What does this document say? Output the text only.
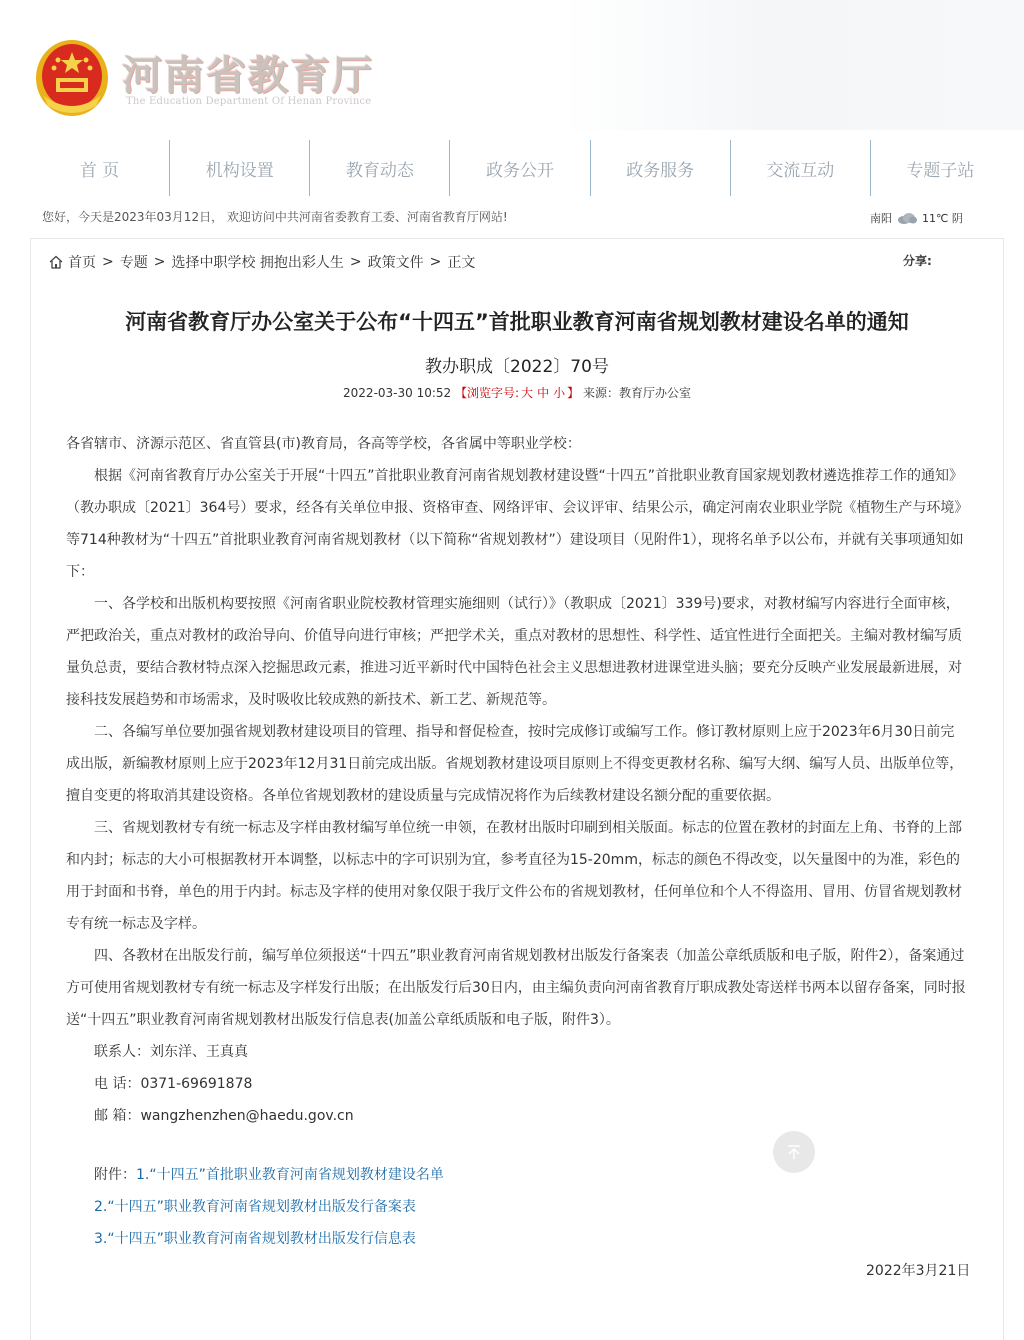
河南省教育厅
The Education Department Of Henan Province
首 页	机构设置	教育动态	政务公开	政务服务	交流互动	专题子站
您好，今天是2023年03月12日， 欢迎访问中共河南省委教育工委、河南省教育厅网站!	南阳	11℃ 阴
首页 > 专题 > 选择中职学校 拥抱出彩人生 > 政策文件 > 正文	分享:
河南省教育厅办公室关于公布“十四五”首批职业教育河南省规划教材建设名单的通知
教办职成〔2022〕70号
2022-03-30 10:52 【浏览字号: 大 中 小 】 来源：教育厅办公室

各省辖市、济源示范区、省直管县(市)教育局，各高等学校，各省属中等职业学校：

根据《河南省教育厅办公室关于开展“十四五”首批职业教育河南省规划教材建设暨“十四五”首批职业教育国家规划教材遴选推荐工作的通知》（教办职成〔2021〕364号）要求，经各有关单位申报、资格审查、网络评审、会议评审、结果公示，确定河南农业职业学院《植物生产与环境》等714种教材为“十四五”首批职业教育河南省规划教材（以下简称“省规划教材”）建设项目（见附件1），现将名单予以公布，并就有关事项通知如下：

一、各学校和出版机构要按照《河南省职业院校教材管理实施细则（试行）》（教职成〔2021〕339号)要求，对教材编写内容进行全面审核，严把政治关，重点对教材的政治导向、价值导向进行审核；严把学术关，重点对教材的思想性、科学性、适宜性进行全面把关。主编对教材编写质量负总责，要结合教材特点深入挖掘思政元素，推进习近平新时代中国特色社会主义思想进教材进课堂进头脑；要充分反映产业发展最新进展，对接科技发展趋势和市场需求，及时吸收比较成熟的新技术、新工艺、新规范等。

二、各编写单位要加强省规划教材建设项目的管理、指导和督促检查，按时完成修订或编写工作。修订教材原则上应于2023年6月30日前完成出版，新编教材原则上应于2023年12月31日前完成出版。省规划教材建设项目原则上不得变更教材名称、编写大纲、编写人员、出版单位等，擅自变更的将取消其建设资格。各单位省规划教材的建设质量与完成情况将作为后续教材建设名额分配的重要依据。

三、省规划教材专有统一标志及字样由教材编写单位统一申领，在教材出版时印刷到相关版面。标志的位置在教材的封面左上角、书脊的上部和内封；标志的大小可根据教材开本调整，以标志中的字可识别为宜，参考直径为15-20mm，标志的颜色不得改变，以矢量图中的为准，彩色的用于封面和书脊，单色的用于内封。标志及字样的使用对象仅限于我厅文件公布的省规划教材，任何单位和个人不得盗用、冒用、仿冒省规划教材专有统一标志及字样。

四、各教材在出版发行前，编写单位须报送“十四五”职业教育河南省规划教材出版发行备案表（加盖公章纸质版和电子版，附件2），备案通过方可使用省规划教材专有统一标志及字样发行出版；在出版发行后30日内，由主编负责向河南省教育厅职成教处寄送样书两本以留存备案，同时报送“十四五”职业教育河南省规划教材出版发行信息表(加盖公章纸质版和电子版，附件3）。

联系人：刘东洋、王真真

电 话：0371-69691878

邮 箱：wangzhenzhen@haedu.gov.cn

附件：1.“十四五”首批职业教育河南省规划教材建设名单
2.“十四五”职业教育河南省规划教材出版发行备案表
3.“十四五”职业教育河南省规划教材出版发行信息表
2022年3月21日
